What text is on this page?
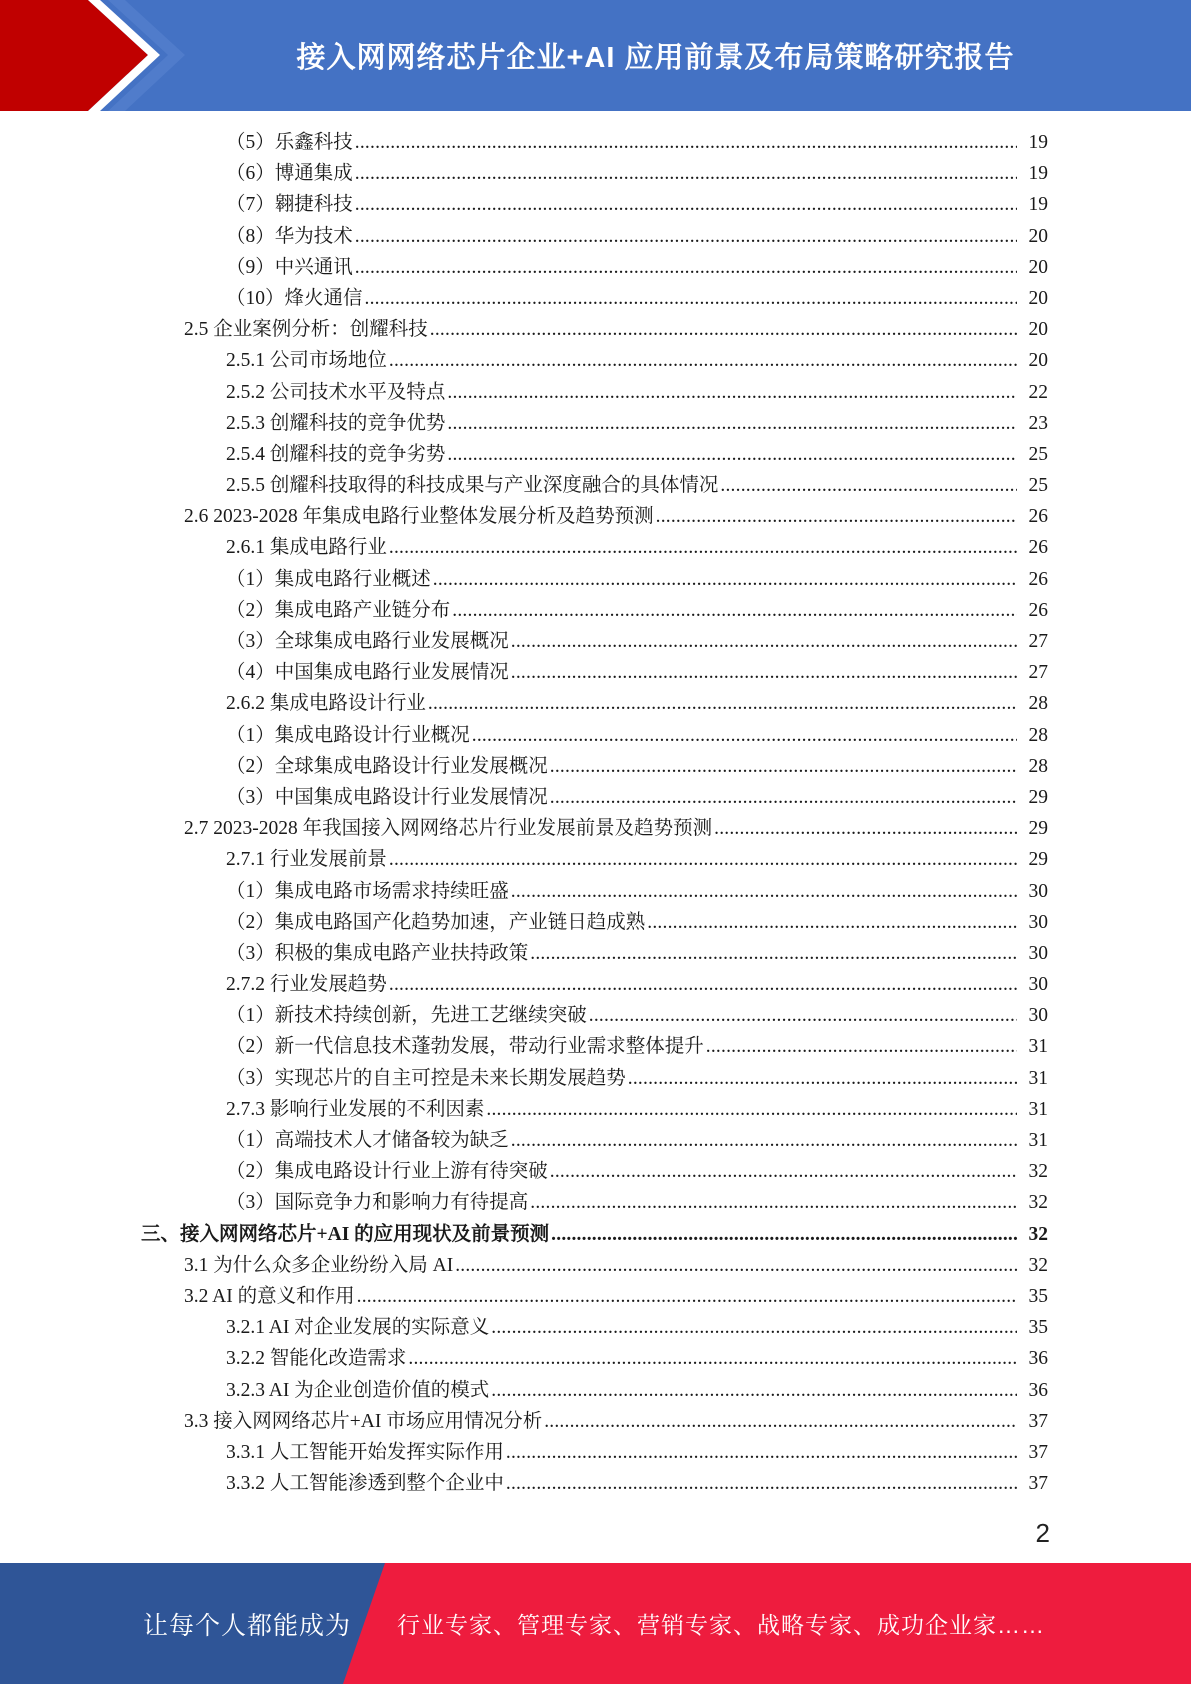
接入网网络芯片企业+AI 应用前景及布局策略研究报告
（5）乐鑫科技 .....	19
（6）博通集成 .....	19
（7）翱捷科技 .....	19
（8）华为技术 .....	20
（9）中兴通讯 .....	20
（10）烽火通信 .....	20
2.5 企业案例分析：创耀科技 .....	20
2.5.1 公司市场地位 .....	20
2.5.2 公司技术水平及特点 .....	22
2.5.3 创耀科技的竞争优势 .....	23
2.5.4 创耀科技的竞争劣势 .....	25
2.5.5 创耀科技取得的科技成果与产业深度融合的具体情况 .....	25
2.6 2023-2028 年集成电路行业整体发展分析及趋势预测 .....	26
2.6.1 集成电路行业 .....	26
（1）集成电路行业概述 .....	26
（2）集成电路产业链分布 .....	26
（3）全球集成电路行业发展概况 .....	27
（4）中国集成电路行业发展情况 .....	27
2.6.2 集成电路设计行业 .....	28
（1）集成电路设计行业概况 .....	28
（2）全球集成电路设计行业发展概况 .....	28
（3）中国集成电路设计行业发展情况 .....	29
2.7 2023-2028 年我国接入网网络芯片行业发展前景及趋势预测 .....	29
2.7.1 行业发展前景 .....	29
（1）集成电路市场需求持续旺盛 .....	30
（2）集成电路国产化趋势加速，产业链日趋成熟 .....	30
（3）积极的集成电路产业扶持政策 .....	30
2.7.2 行业发展趋势 .....	30
（1）新技术持续创新，先进工艺继续突破 .....	30
（2）新一代信息技术蓬勃发展，带动行业需求整体提升 .....	31
（3）实现芯片的自主可控是未来长期发展趋势 .....	31
2.7.3 影响行业发展的不利因素 .....	31
（1）高端技术人才储备较为缺乏 .....	31
（2）集成电路设计行业上游有待突破 .....	32
（3）国际竞争力和影响力有待提高 .....	32
三、接入网网络芯片+AI 的应用现状及前景预测 .....	32
3.1 为什么众多企业纷纷入局 AI .....	32
3.2 AI 的意义和作用 .....	35
3.2.1 AI 对企业发展的实际意义 .....	35
3.2.2 智能化改造需求 .....	36
3.2.3 AI 为企业创造价值的模式 .....	36
3.3 接入网网络芯片+AI 市场应用情况分析 .....	37
3.3.1 人工智能开始发挥实际作用 .....	37
3.3.2 人工智能渗透到整个企业中 .....	37
2
让每个人都能成为 行业专家、管理专家、营销专家、战略专家、成功企业家……
